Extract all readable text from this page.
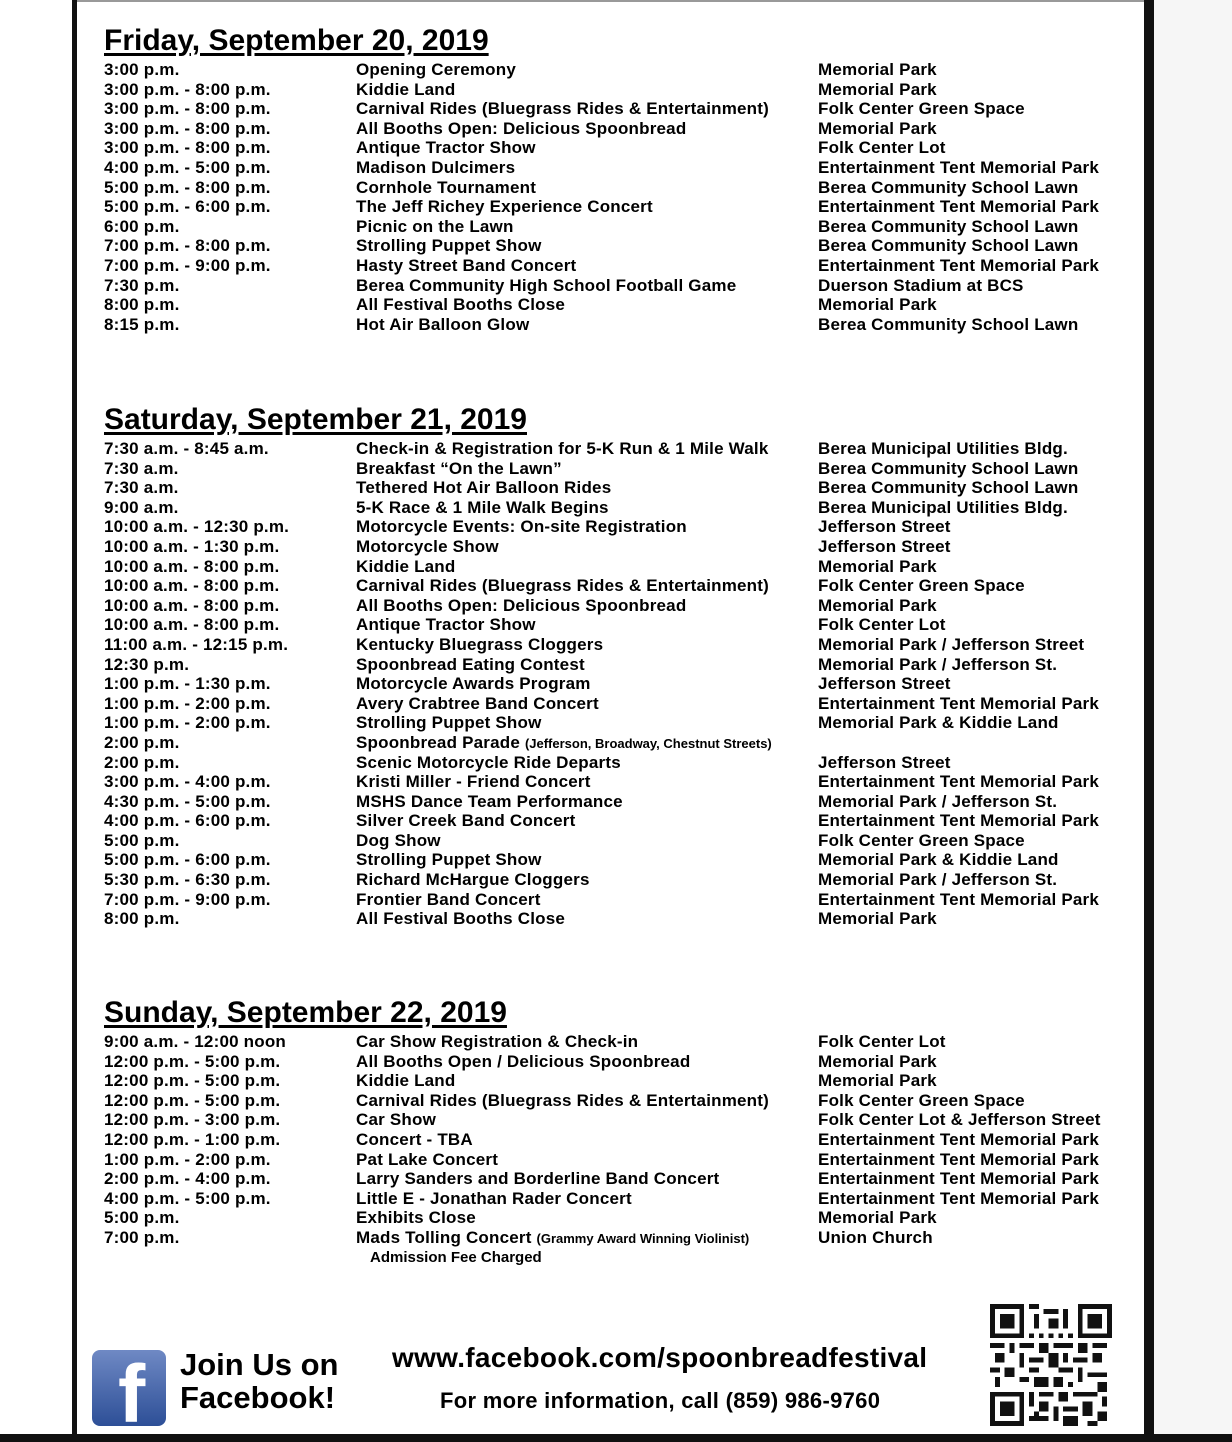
Friday, September 20, 2019
3:00 p.m.	Opening Ceremony	Memorial Park
3:00 p.m. - 8:00 p.m.	Kiddie Land	Memorial Park
3:00 p.m. - 8:00 p.m.	Carnival Rides (Bluegrass Rides & Entertainment)	Folk Center Green Space
3:00 p.m. - 8:00 p.m.	All Booths Open: Delicious Spoonbread	Memorial Park
3:00 p.m. - 8:00 p.m.	Antique Tractor Show	Folk Center Lot
4:00 p.m. - 5:00 p.m.	Madison Dulcimers	Entertainment Tent Memorial Park
5:00 p.m. - 8:00 p.m.	Cornhole Tournament	Berea Community School Lawn
5:00 p.m. - 6:00 p.m.	The Jeff Richey Experience Concert	Entertainment Tent Memorial Park
6:00 p.m.	Picnic on the Lawn	Berea Community School Lawn
7:00 p.m. - 8:00 p.m.	Strolling Puppet Show	Berea Community School Lawn
7:00 p.m. - 9:00 p.m.	Hasty Street Band Concert	Entertainment Tent Memorial Park
7:30 p.m.	Berea Community High School Football Game	Duerson Stadium at BCS
8:00 p.m.	All Festival Booths Close	Memorial Park
8:15 p.m.	Hot Air Balloon Glow	Berea Community School Lawn
Saturday, September 21, 2019
7:30 a.m. - 8:45 a.m.	Check-in & Registration for 5-K Run & 1 Mile Walk	Berea Municipal Utilities Bldg.
7:30 a.m.	Breakfast “On the Lawn”	Berea Community School Lawn
7:30 a.m.	Tethered Hot Air Balloon Rides	Berea Community School Lawn
9:00 a.m.	5-K Race & 1 Mile Walk Begins	Berea Municipal Utilities Bldg.
10:00 a.m. - 12:30 p.m.	Motorcycle Events: On-site Registration	Jefferson Street
10:00 a.m. - 1:30 p.m.	Motorcycle Show	Jefferson Street
10:00 a.m. - 8:00 p.m.	Kiddie Land	Memorial Park
10:00 a.m. - 8:00 p.m.	Carnival Rides (Bluegrass Rides & Entertainment)	Folk Center Green Space
10:00 a.m. - 8:00 p.m.	All Booths Open: Delicious Spoonbread	Memorial Park
10:00 a.m. - 8:00 p.m.	Antique Tractor Show	Folk Center Lot
11:00 a.m. - 12:15 p.m.	Kentucky Bluegrass Cloggers	Memorial Park / Jefferson Street
12:30 p.m.	Spoonbread Eating Contest	Memorial Park / Jefferson St.
1:00 p.m. - 1:30 p.m.	Motorcycle Awards Program	Jefferson Street
1:00 p.m. - 2:00 p.m.	Avery Crabtree Band Concert	Entertainment Tent Memorial Park
1:00 p.m. - 2:00 p.m.	Strolling Puppet Show	Memorial Park & Kiddie Land
2:00 p.m.	Spoonbread Parade (Jefferson, Broadway, Chestnut Streets)
2:00 p.m.	Scenic Motorcycle Ride Departs	Jefferson Street
3:00 p.m. - 4:00 p.m.	Kristi Miller - Friend Concert	Entertainment Tent Memorial Park
4:30 p.m. - 5:00 p.m.	MSHS Dance Team Performance	Memorial Park / Jefferson St.
4:00 p.m. - 6:00 p.m.	Silver Creek Band Concert	Entertainment Tent Memorial Park
5:00 p.m.	Dog Show	Folk Center Green Space
5:00 p.m. - 6:00 p.m.	Strolling Puppet Show	Memorial Park & Kiddie Land
5:30 p.m. - 6:30 p.m.	Richard McHargue Cloggers	Memorial Park / Jefferson St.
7:00 p.m. - 9:00 p.m.	Frontier Band Concert	Entertainment Tent Memorial Park
8:00 p.m.	All Festival Booths Close	Memorial Park
Sunday, September 22, 2019
9:00 a.m. - 12:00 noon	Car Show Registration & Check-in	Folk Center Lot
12:00 p.m. - 5:00 p.m.	All Booths Open / Delicious Spoonbread	Memorial Park
12:00 p.m. - 5:00 p.m.	Kiddie Land	Memorial Park
12:00 p.m. - 5:00 p.m.	Carnival Rides (Bluegrass Rides & Entertainment)	Folk Center Green Space
12:00 p.m. - 3:00 p.m.	Car Show	Folk Center Lot & Jefferson Street
12:00 p.m. - 1:00 p.m.	Concert - TBA	Entertainment Tent Memorial Park
1:00 p.m. - 2:00 p.m.	Pat Lake Concert	Entertainment Tent Memorial Park
2:00 p.m. - 4:00 p.m.	Larry Sanders and Borderline Band Concert	Entertainment Tent Memorial Park
4:00 p.m. - 5:00 p.m.	Little E - Jonathan Rader Concert	Entertainment Tent Memorial Park
5:00 p.m.	Exhibits Close	Memorial Park
7:00 p.m.	Mads Tolling Concert (Grammy Award Winning Violinist)	Union Church
Admission Fee Charged
f Join Us on
Facebook!
www.facebook.com/spoonbreadfestival
For more information, call (859) 986-9760
